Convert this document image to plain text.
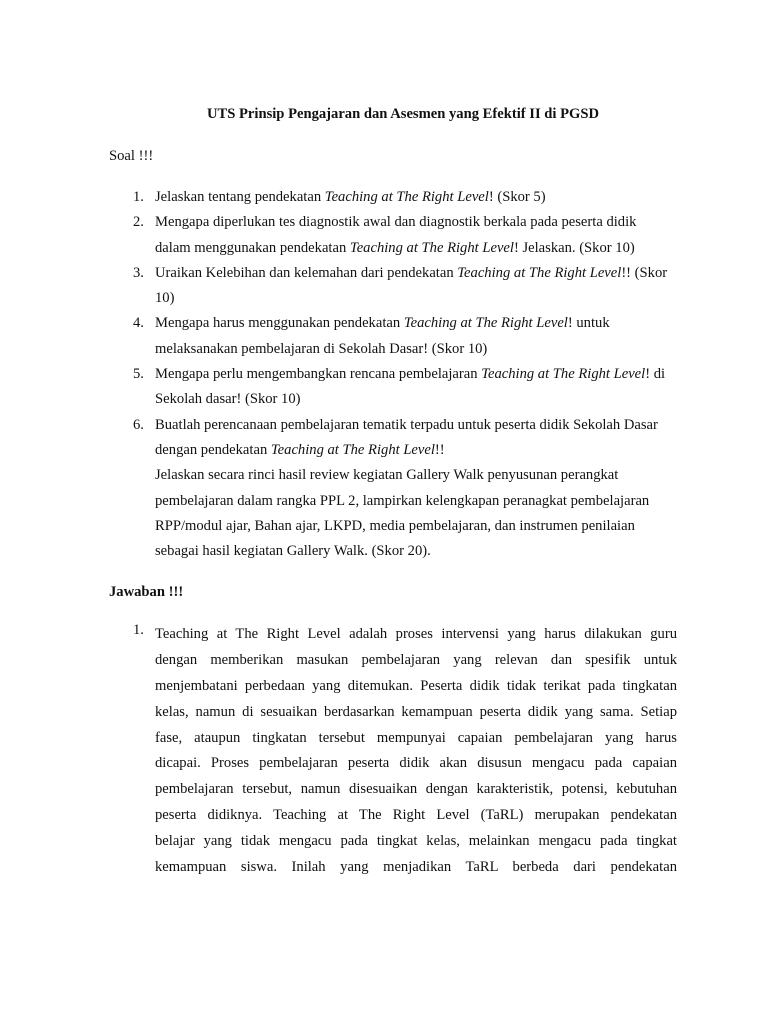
UTS Prinsip Pengajaran dan Asesmen yang Efektif II di PGSD
Soal !!!
1. Jelaskan tentang pendekatan Teaching at The Right Level! (Skor 5)
2. Mengapa diperlukan tes diagnostik awal dan diagnostik berkala pada peserta didik dalam menggunakan pendekatan Teaching at The Right Level! Jelaskan. (Skor 10)
3. Uraikan Kelebihan dan kelemahan dari pendekatan Teaching at The Right Level!! (Skor 10)
4. Mengapa harus menggunakan pendekatan Teaching at The Right Level! untuk melaksanakan pembelajaran di Sekolah Dasar! (Skor 10)
5. Mengapa perlu mengembangkan rencana pembelajaran Teaching at The Right Level! di Sekolah dasar! (Skor 10)
6. Buatlah perencanaan pembelajaran tematik terpadu untuk peserta didik Sekolah Dasar dengan pendekatan Teaching at The Right Level!!
Jelaskan secara rinci hasil review kegiatan Gallery Walk penyusunan perangkat pembelajaran dalam rangka PPL 2, lampirkan kelengkapan peranagkat pembelajaran RPP/modul ajar, Bahan ajar, LKPD, media pembelajaran, dan instrumen penilaian sebagai hasil kegiatan Gallery Walk. (Skor 20).
Jawaban !!!
1. Teaching at The Right Level adalah proses intervensi yang harus dilakukan guru
dengan memberikan masukan pembelajaran yang relevan dan spesifik untuk
menjembatani perbedaan yang ditemukan. Peserta didik tidak terikat pada tingkatan
kelas, namun di sesuaikan berdasarkan kemampuan peserta didik yang sama. Setiap
fase, ataupun tingkatan tersebut mempunyai capaian pembelajaran yang harus
dicapai. Proses pembelajaran peserta didik akan disusun mengacu pada capaian
pembelajaran tersebut, namun disesuaikan dengan karakteristik, potensi, kebutuhan
peserta didiknya. Teaching at The Right Level (TaRL) merupakan pendekatan
belajar yang tidak mengacu pada tingkat kelas, melainkan mengacu pada tingkat
kemampuan siswa. Inilah yang menjadikan TaRL berbeda dari pendekatan
